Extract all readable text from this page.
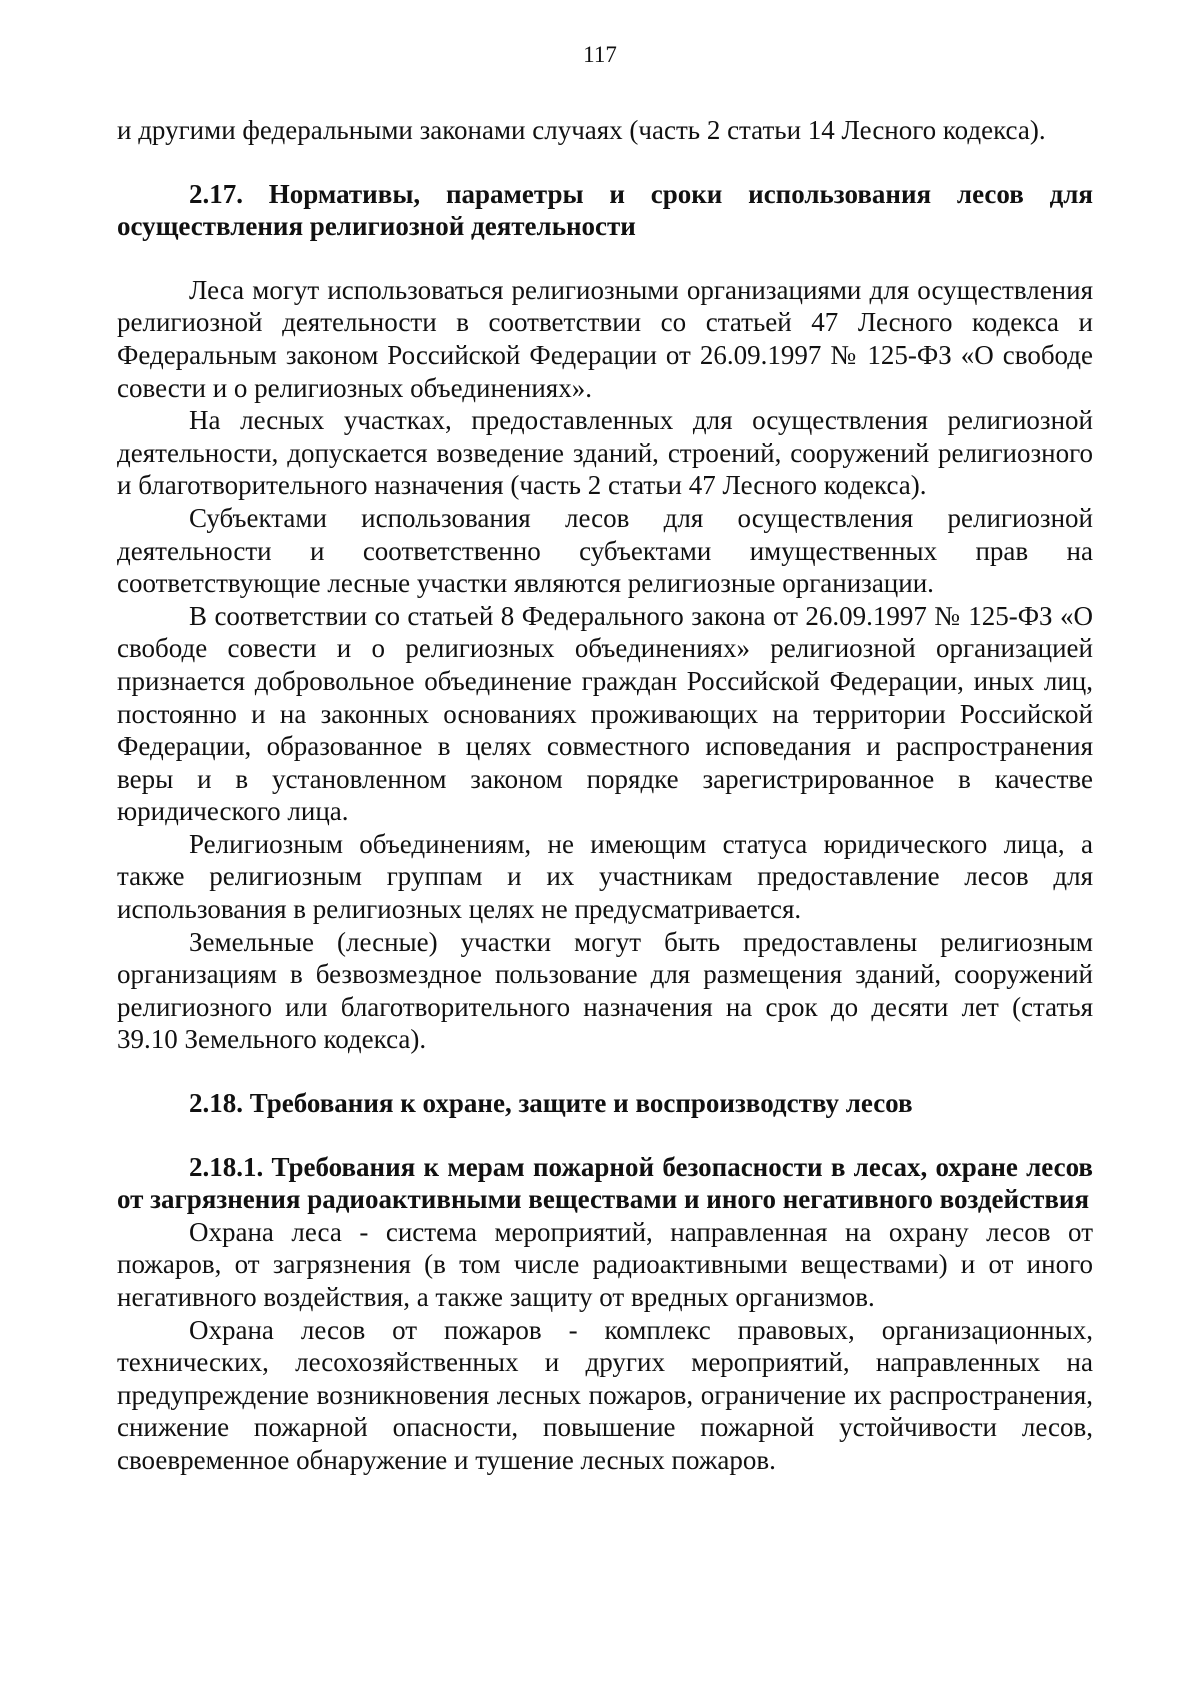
117

и другими федеральными законами случаях (часть 2 статьи 14 Лесного кодекса).

2.17. Нормативы, параметры и сроки использования лесов для осуществления религиозной деятельности

Леса могут использоваться религиозными организациями для осуществления религиозной деятельности в соответствии со статьей 47 Лесного кодекса и Федеральным законом Российской Федерации от 26.09.1997 № 125-ФЗ «О свободе совести и о религиозных объединениях».

На лесных участках, предоставленных для осуществления религиозной деятельности, допускается возведение зданий, строений, сооружений религиозного и благотворительного назначения (часть 2 статьи 47 Лесного кодекса).

Субъектами использования лесов для осуществления религиозной деятельности и соответственно субъектами имущественных прав на соответствующие лесные участки являются религиозные организации.

В соответствии со статьей 8 Федерального закона от 26.09.1997 № 125-ФЗ «О свободе совести и о религиозных объединениях» религиозной организацией признается добровольное объединение граждан Российской Федерации, иных лиц, постоянно и на законных основаниях проживающих на территории Российской Федерации, образованное в целях совместного исповедания и распространения веры и в установленном законом порядке зарегистрированное в качестве юридического лица.

Религиозным объединениям, не имеющим статуса юридического лица, а также религиозным группам и их участникам предоставление лесов для использования в религиозных целях не предусматривается.

Земельные (лесные) участки могут быть предоставлены религиозным организациям в безвозмездное пользование для размещения зданий, сооружений религиозного или благотворительного назначения на срок до десяти лет (статья 39.10 Земельного кодекса).

2.18. Требования к охране, защите и воспроизводству лесов
2.18.1. Требования к мерам пожарной безопасности в лесах, охране лесов от загрязнения радиоактивными веществами и иного негативного воздействия

Охрана леса - система мероприятий, направленная на охрану лесов от пожаров, от загрязнения (в том числе радиоактивными веществами) и от иного негативного воздействия, а также защиту от вредных организмов.

Охрана лесов от пожаров - комплекс правовых, организационных, технических, лесохозяйственных и других мероприятий, направленных на предупреждение возникновения лесных пожаров, ограничение их распространения, снижение пожарной опасности, повышение пожарной устойчивости лесов, своевременное обнаружение и тушение лесных пожаров.
